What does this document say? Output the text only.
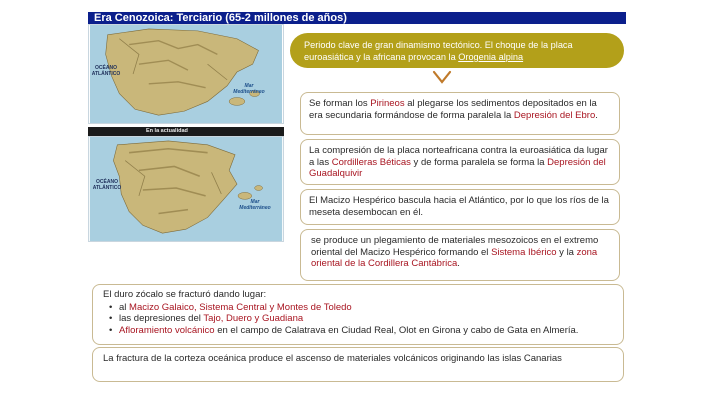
Era Cenozoica: Terciario (65-2 millones de años)
OCÉANO
ATLÁNTICO
Mar
Mediterráneo
En la actualidad
OCÉANO
ATLÁNTICO
Mar
Mediterráneo
Periodo clave de gran dinamismo tectónico. El choque de la placa euroasiática y la africana provocan la Orogenia alpina
Se forman los Pirineos al plegarse los sedimentos depositados en la era secundaria formándose de forma paralela la Depresión del Ebro.
La compresión de la placa norteafricana contra la euroasiática da lugar a las Cordilleras Béticas y de forma paralela se forma la Depresión del Guadalquivir
El Macizo Hespérico bascula hacia el Atlántico, por lo que los ríos de la meseta desembocan en él.
se produce un plegamiento de materiales mesozoicos en el extremo oriental del Macizo Hespérico formando el Sistema Ibérico y la zona oriental de la Cordillera Cantábrica.
El duro zócalo se fracturó dando lugar:
• al Macizo Galaico, Sistema Central y Montes de Toledo
• las depresiones del Tajo, Duero y Guadiana
• Afloramiento volcánico en el campo de Calatrava en Ciudad Real, Olot en Girona y cabo de Gata en Almería.
La fractura de la corteza oceánica produce el ascenso de materiales volcánicos originando las islas Canarias
